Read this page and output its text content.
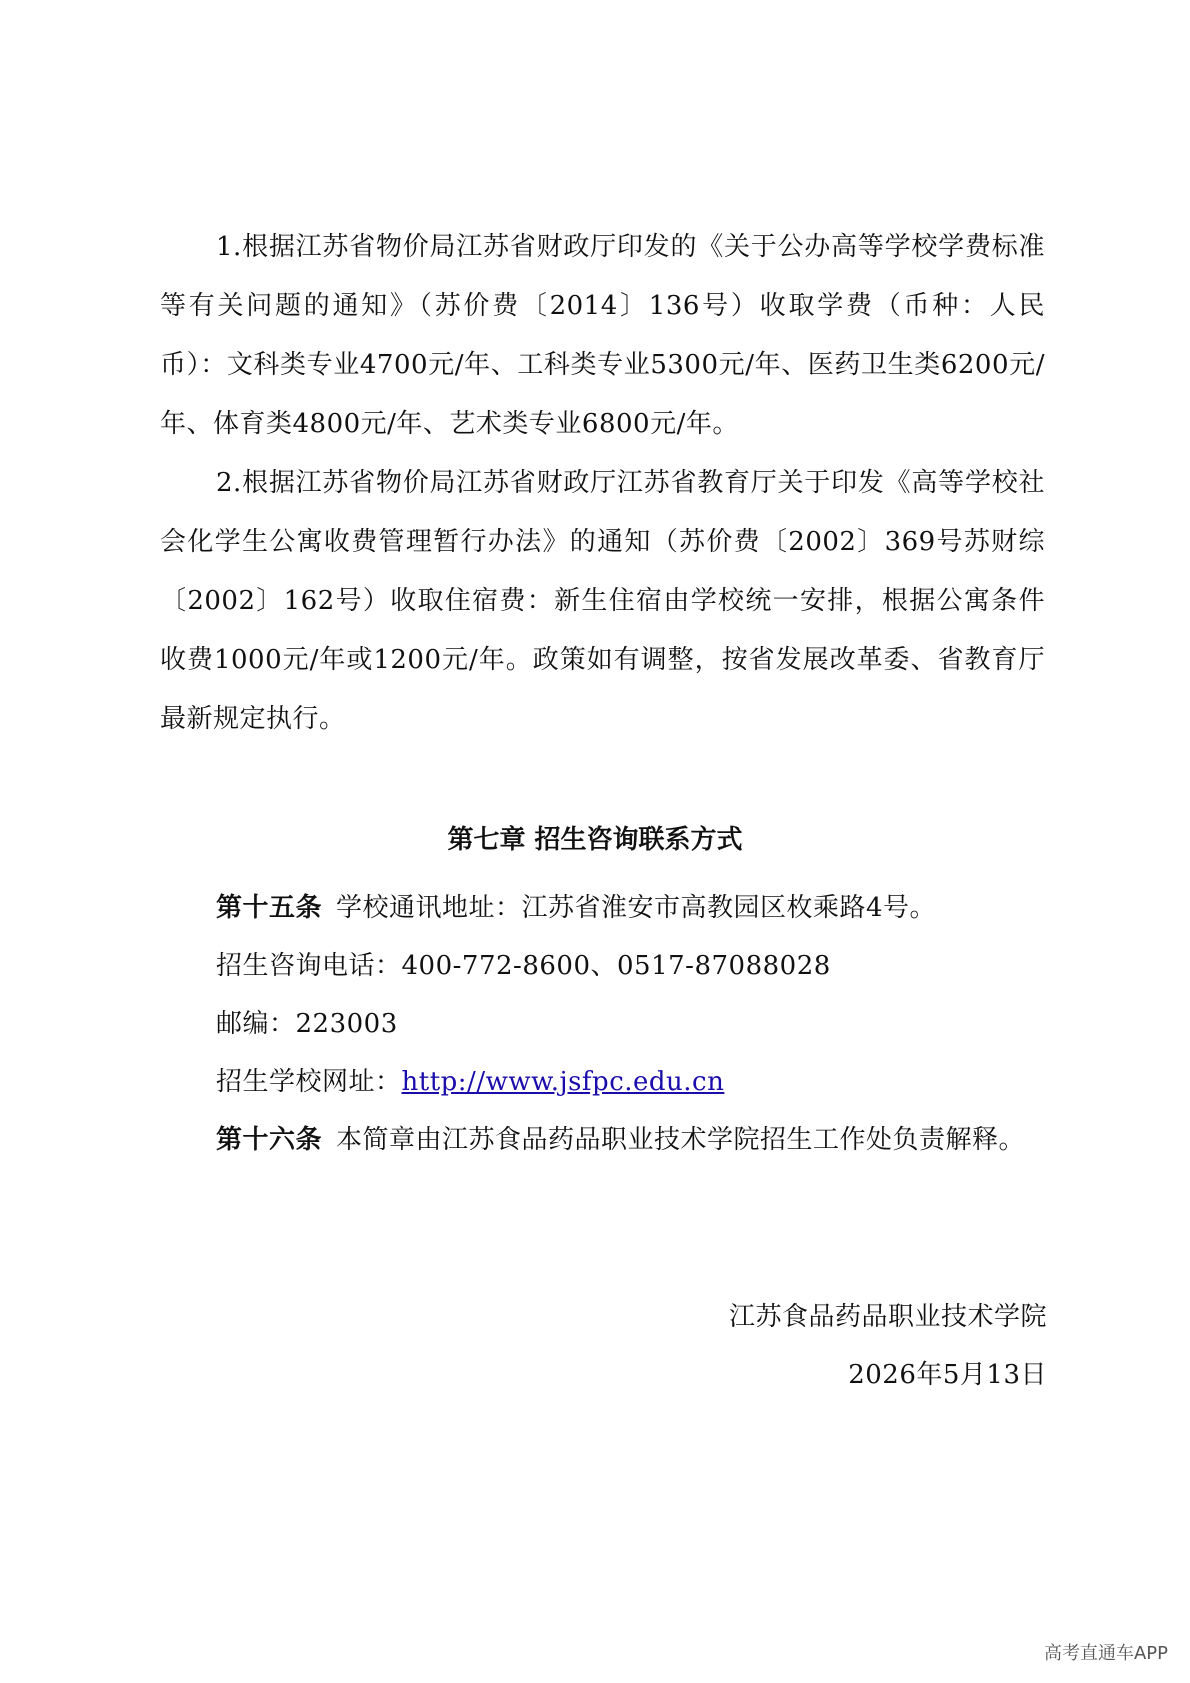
1.根据江苏省物价局江苏省财政厅印发的《关于公办高等学校学费标准等有关问题的通知》（苏价费〔2014〕136号）收取学费（币种：人民币）：文科类专业4700元/年、工科类专业5300元/年、医药卫生类6200元/年、体育类4800元/年、艺术类专业6800元/年。

2.根据江苏省物价局江苏省财政厅江苏省教育厅关于印发《高等学校社会化学生公寓收费管理暂行办法》的通知（苏价费〔2002〕369号苏财综〔2002〕162号）收取住宿费：新生住宿由学校统一安排，根据公寓条件收费1000元/年或1200元/年。政策如有调整，按省发展改革委、省教育厅最新规定执行。

第七章 招生咨询联系方式
第十五条 学校通讯地址：江苏省淮安市高教园区枚乘路4号。
招生咨询电话：400-772-8600、0517-87088028
邮编：223003
招生学校网址：http://www.jsfpc.edu.cn
第十六条 本简章由江苏食品药品职业技术学院招生工作处负责解释。
江苏食品药品职业技术学院
2026年5月13日
高考直通车APP
